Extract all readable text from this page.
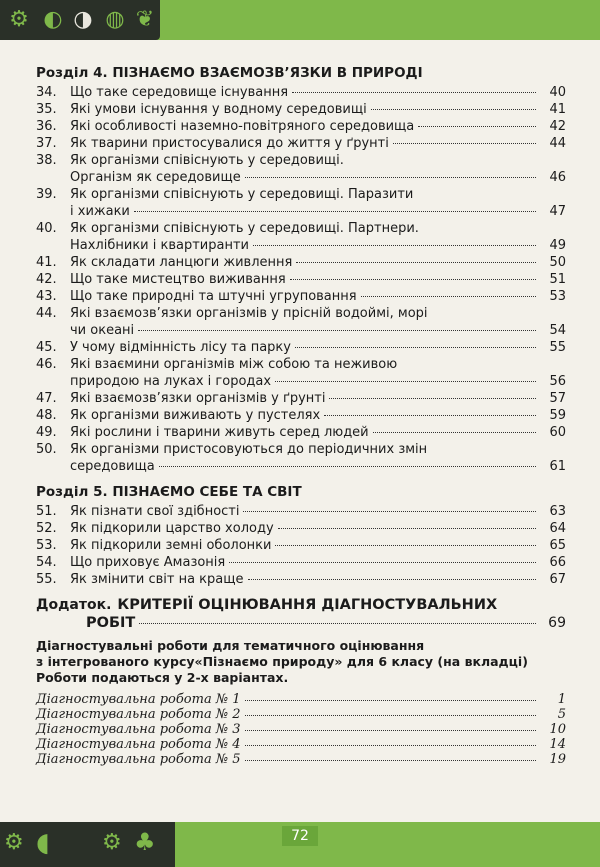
⚙ ◐ ◑ ◍ ❦
Розділ 4. ПІЗНАЄМО ВЗАЄМОЗВ’ЯЗКИ В ПРИРОДІ
34.	Що таке середовище існування	40
35.	Які умови існування у водному середовищі	41
36.	Які особливості наземно-повітряного середовища	42
37.	Як тварини пристосувалися до життя у ґрунті	44
38.	Як організми співіснують у середовищі.
Організм як середовище	46
39.	Як організми співіснують у середовищі. Паразити
і хижаки	47
40.	Як організми співіснують у середовищі. Партнери.
Нахлібники і квартиранти	49
41.	Як складати ланцюги живлення	50
42.	Що таке мистецтво виживання	51
43.	Що таке природні та штучні угруповання	53
44.	Які взаємозв’язки організмів у прісній водоймі, морі
чи океані	54
45.	У чому відмінність лісу та парку	55
46.	Які взаємини організмів між собою та неживою
природою на луках і городах	56
47.	Які взаємозв’язки організмів у ґрунті	57
48.	Як організми виживають у пустелях	59
49.	Які рослини і тварини живуть серед людей	60
50.	Як організми пристосовуються до періодичних змін
середовища	61
Розділ 5. ПІЗНАЄМО СЕБЕ ТА СВІТ
51.	Як пізнати свої здібності	63
52.	Як підкорили царство холоду	64
53.	Як підкорили земні оболонки	65
54.	Що приховує Амазонія	66
55.	Як змінити світ на краще	67
Додаток. КРИТЕРІЇ ОЦІНЮВАННЯ ДІАГНОСТУВАЛЬНИХ
РОБІТ	69
Діагностувальні роботи для тематичного оцінювання
з інтегрованого курсу«Пізнаємо природу» для 6 класу (на вкладці)
Роботи подаються у 2-х варіантах.
Діагностувальна робота № 1	1
Діагностувальна робота № 2	5
Діагностувальна робота № 3	10
Діагностувальна робота № 4	14
Діагностувальна робота № 5	19
⚙ ◖ ⚙ ♣	72
